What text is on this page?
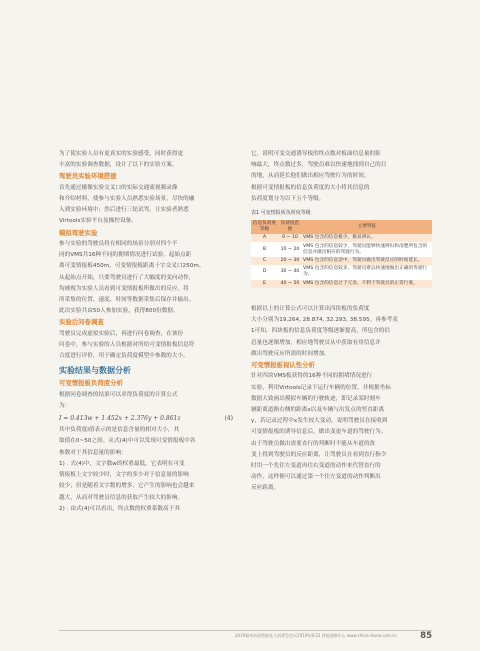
为了使实验人员有更真实的实验感受，同时获得更

丰富的实验调查数据，设计了以下的实验方案。

驾驶员实验环境搭建

首先通过摄像实验交叉口的实际交通流视频录像

和介绍材料，使参与实验人员熟悉实验场景，尽快的融

入到实验环境中；然后进行三轮试驾，让实验者熟悉

Virtools实验平台及操控设备。

模拟驾驶实验

参与实验的驾驶员将在相同的场景分别对四个不

同的VMS共16种不同的拥堵情况进行试验。起始点距

离可变情报板450m，可变情报板距离十字交叉口250m。

从起始点开始，只要驾驶员进行了大幅度的变向动作，

均被视为实验人员看到可变情报板所做出的反应。将

所采集的位置、速度、时间等数据采集后保存并输出。

此次实验共由50人参加实验，获得800份数据。

实验后问卷调查

驾驶员完成虚拟实验后，再进行问卷调查，在该份

问卷中，参与实验的人员根据对所给可变情报板信息符

合度进行评价，用于确定负荷度模型中参数的大小。

实验结果与数据分析
可变情报板负荷度分析

根据问卷调查的结果可以求得负荷度的计算公式

为：

I = 0.413w + 1.452x + 2.376y + 0.861z	(4)

其中负荷度I值表示的是信息含量的相对大小，其

取值在0~50之间。从式(4)中可以发现可变情报板中各

参数对于其信息量的影响：

1) . 式(4)中，文字数w的权重最低，它表明在可变

情报板上文字较少时，文字的多少对于信息量的影响

较少；但是随着文字数的增多，它产生的影响也会越来

越大，从而对驾驶员信息的获取产生较大的影响。

2) . 由式(4)可以看出，终点数的权重系数高于其

它，说明可变交通诱导板的终点数对板面信息量的影

响最大，终点数过多，驾驶员难以快速地找到自己的目

的地，从而延长他们做出相应驾驶行为的时间。

根据可变情报板的信息负荷度的大小将其信息的

负荷度划分为以下五个等级。

表1 可变情报板负荷度等级
信息负荷度等级	负荷度范围	主要特征
A	0 ~ 10	VMS 包含的信息极少，极易辨认。
B	10 ~ 20	VMS 包含的信息较少，驾驶员能够快速辨识和清楚所包含的信息并做出相应的驾驶行为。
C	20 ~ 30	VMS 包含的信息适中，驾驶员做出驾驶反应的时间延长。
D	30 ~ 40	VMS 包含的信息较多，驾驶员难以快速地做出正确的驾驶行为。
E	40 ~ 50	VMS 包含的信息过于冗余，不利于驾驶员的正常行驶。

根据以上的计算公式可以计算出四块板的负荷度

大小分别为19.264, 28.874, 32.293, 38.595。再参考表

1可知，四块板的信息负荷度等级逐渐提高，所包含的信

息量也逐渐增加，相应地驾驶员从中获取有用信息并

做出驾驶反应所需的时间增加。

可变情报板视认性分析

针对四块VMS板获得的16种不同的拥堵情况进行

实验，利用Virtools记录下运行车辆的位置，并根据坐标

数据大致画出模拟车辆的行驶轨迹，即记录某时刻车

辆距离道路右侧的距离x以及车辆与出发点的竖直距离

y，若记录过程中x发生较大变动，说明驾驶员在接收到

可变情报板的诱导信息后，做出变更车道的驾驶行为。

由于驾驶员做出需要直行的判断时不能从车道的改

变上得到驾驶员的反应距离，让驾驶员在看到直行指令

时用一个先往左变道再往右变道的动作来代替直行的

动作，这样便可以通过第一个往左变道的动作判断出

反应距离。

2019福州首届智能化人机紧急会议2019年8-22 智能道路中心 www.china-stone.com.cn	85
